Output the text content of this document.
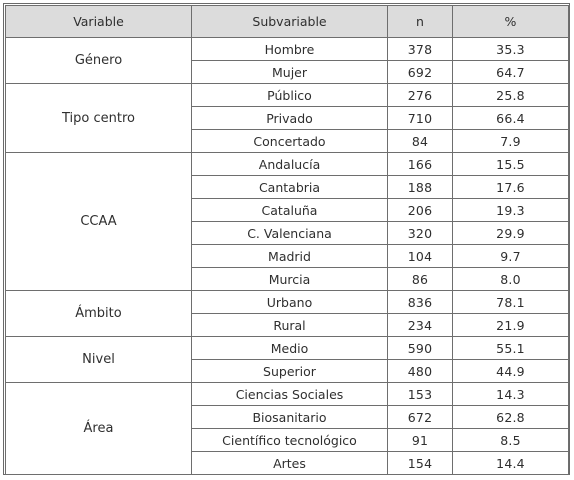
Variable	Subvariable	n	%
Género	Hombre	378	35.3
	Mujer	692	64.7
Tipo centro	Público	276	25.8
	Privado	710	66.4
	Concertado	84	7.9
CCAA	Andalucía	166	15.5
	Cantabria	188	17.6
	Cataluña	206	19.3
	C. Valenciana	320	29.9
	Madrid	104	9.7
	Murcia	86	8.0
Ámbito	Urbano	836	78.1
	Rural	234	21.9
Nivel	Medio	590	55.1
	Superior	480	44.9
Área	Ciencias Sociales	153	14.3
	Biosanitario	672	62.8
	Científico tecnológico	91	8.5
	Artes	154	14.4
